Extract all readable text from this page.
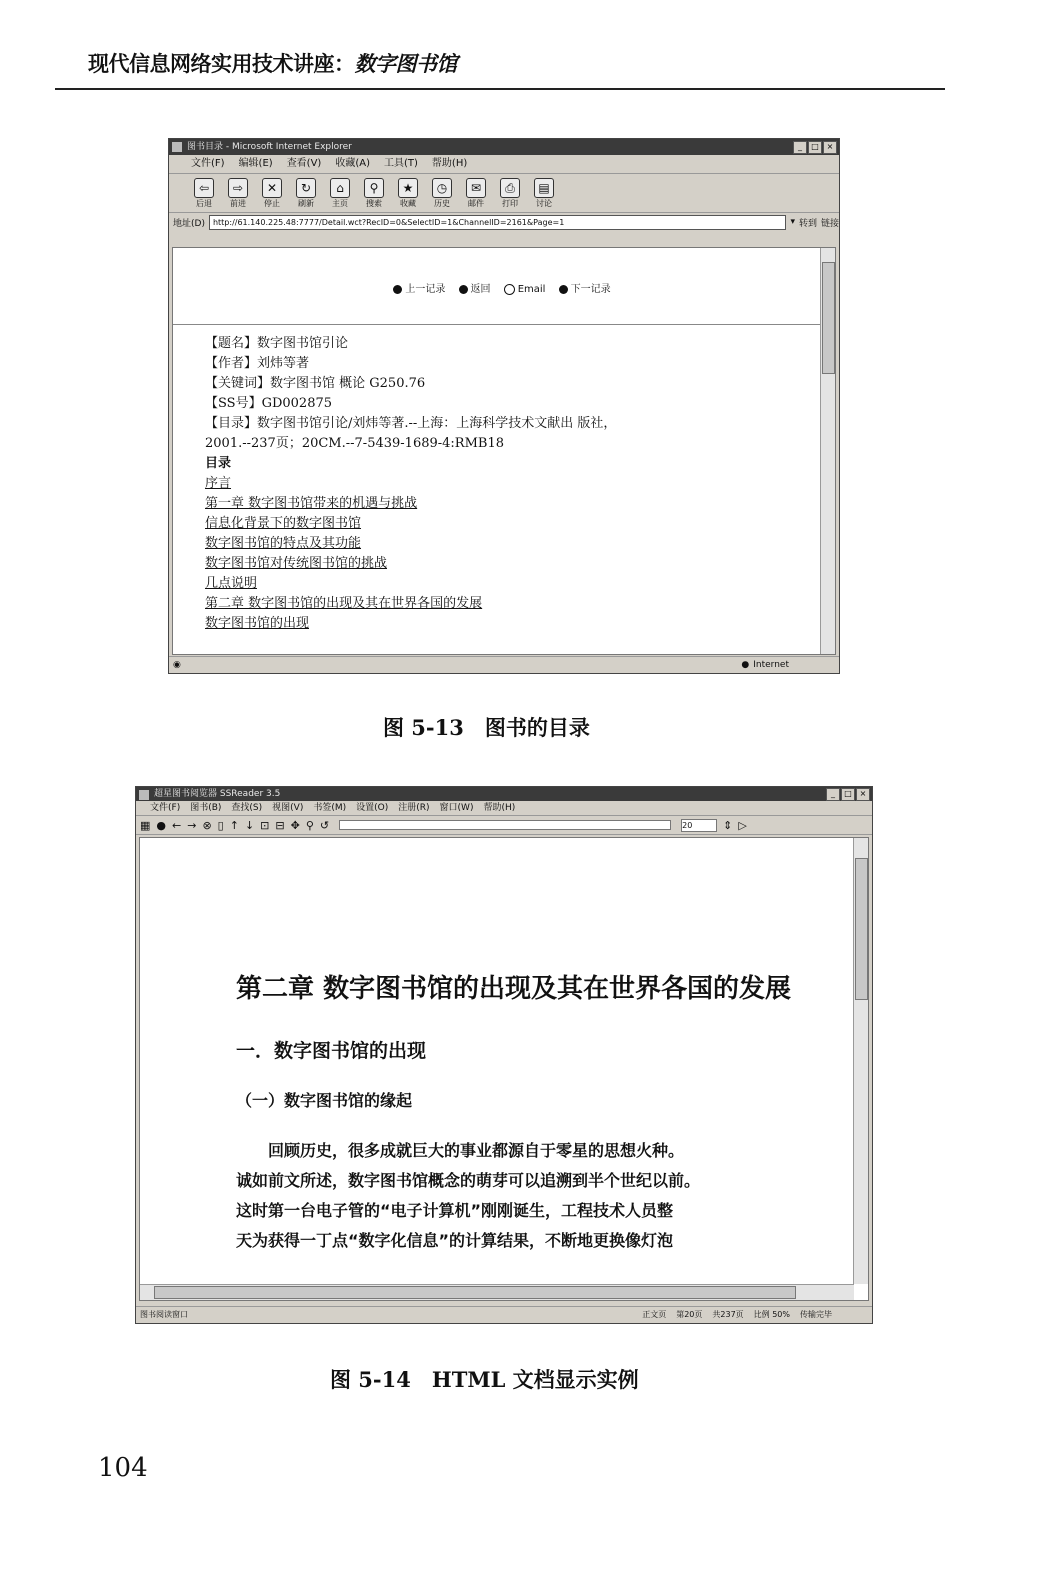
现代信息网络实用技术讲座：数字图书馆
图书目录 - Microsoft Internet Explorer	_	□ ×
文件(F) 编辑(E) 查看(V) 收藏(A) 工具(T) 帮助(H)
⇦
后退
⇨
前进
✕
停止
↻
刷新
⌂
主页
⚲
搜索
★
收藏
◷
历史
✉
邮件
⎙
打印
▤
讨论
地址(D)	http://61.140.225.48:7777/Detail.wct?RecID=0&SelectID=1&ChannelID=2161&Page=1	▾ 转到 链接
上一记录	返回	Email	下一记录
【题名】数字图书馆引论
【作者】刘炜等著
【关键词】数字图书馆 概论 G250.76
【SS号】GD002875
【目录】数字图书馆引论/刘炜等著.--上海：上海科学技术文献出 版社，
2001.--237页；20CM.--7-5439-1689-4:RMB18
目录
序言
第一章 数字图书馆带来的机遇与挑战
信息化背景下的数字图书馆
数字图书馆的特点及其功能
数字图书馆对传统图书馆的挑战
几点说明
第二章 数字图书馆的出现及其在世界各国的发展
数字图书馆的出现
◉	● Internet
图 5-13　图书的目录
超星图书阅览器 SSReader 3.5	_	□ ×
文件(F) 图书(B) 查找(S) 视图(V) 书签(M) 设置(O) 注册(R) 窗口(W) 帮助(H)
▦ ● ← → ⊗ ▯ ↑ ↓ ⊡ ⊟ ✥ ⚲ ↺	20	⇕ ▷
第二章 数字图书馆的出现及其在世界各国的发展
一．数字图书馆的出现
（一）数字图书馆的缘起
回顾历史，很多成就巨大的事业都源自于零星的思想火种。
诚如前文所述，数字图书馆概念的萌芽可以追溯到半个世纪以前。
这时第一台电子管的“电子计算机”刚刚诞生，工程技术人员整
天为获得一丁点“数字化信息”的计算结果，不断地更换像灯泡
图书阅读窗口	正文页 第20页 共237页 比例 50% 传输完毕
图 5-14　HTML 文档显示实例
104
